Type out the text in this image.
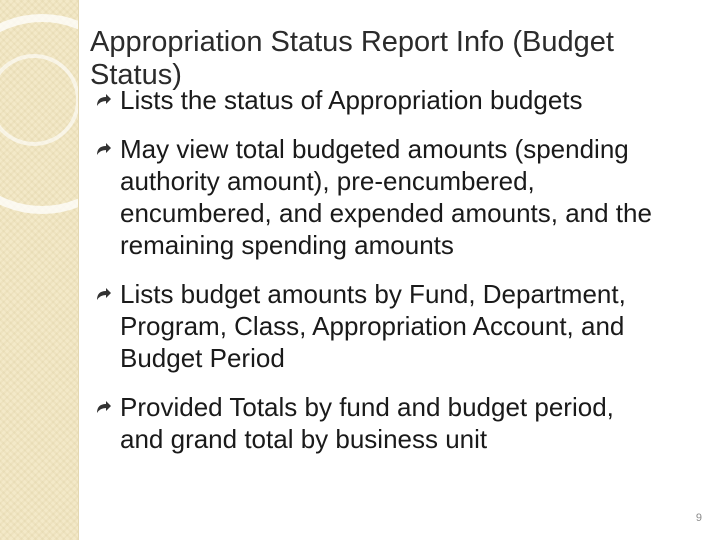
Appropriation Status Report Info (Budget Status)
Lists the status of Appropriation budgets
May view total budgeted amounts (spending authority amount), pre-encumbered, encumbered, and expended amounts, and the remaining spending amounts
Lists budget amounts by Fund, Department, Program, Class, Appropriation Account, and Budget Period
Provided Totals by fund and budget period, and grand total by business unit
9
